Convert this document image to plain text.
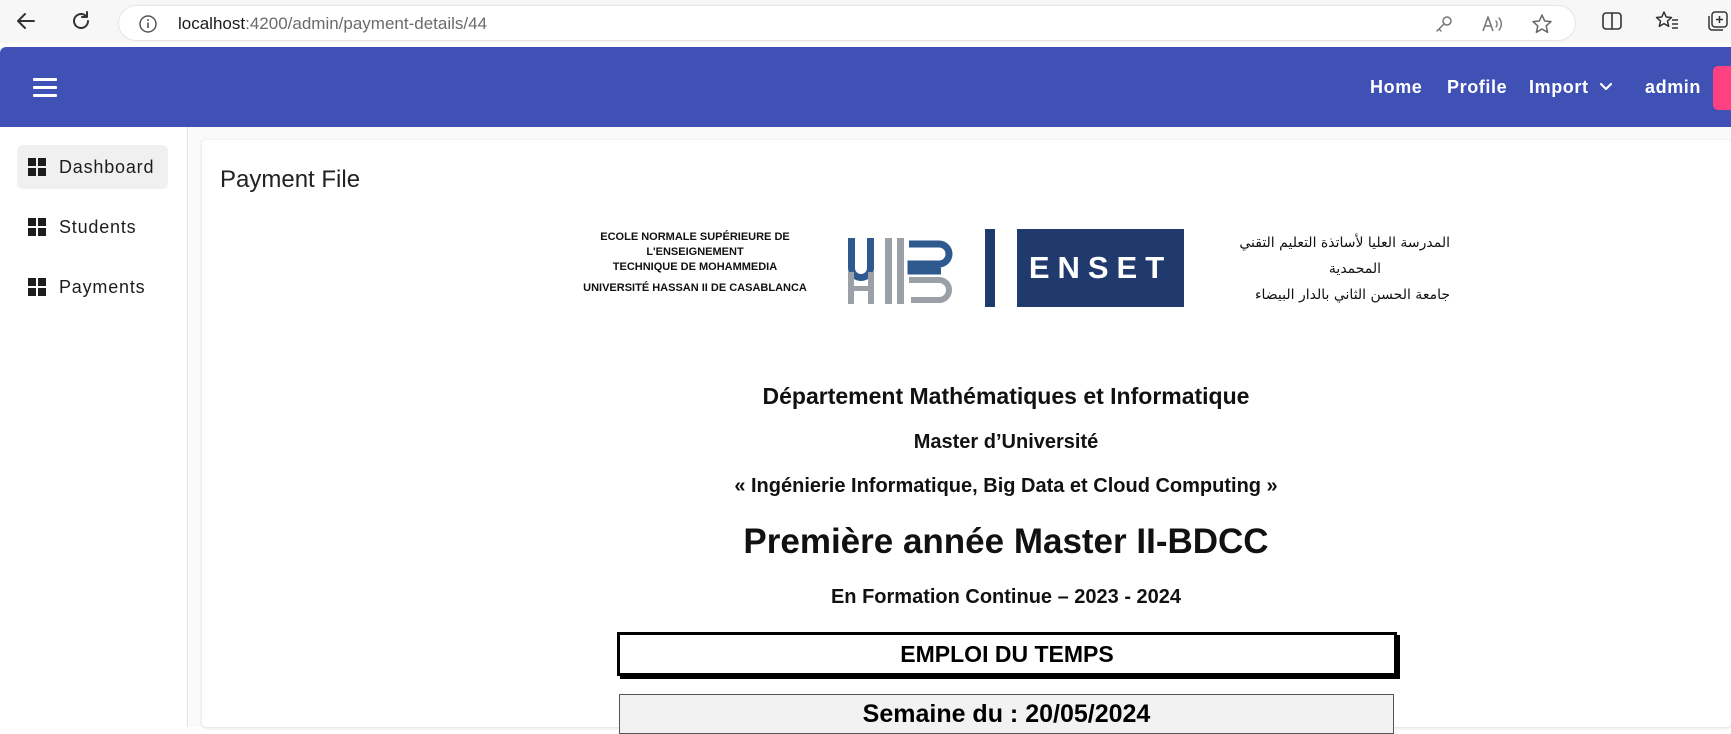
localhost:4200/admin/payment-details/44
Home Profile Import	admin
Dashboard
Students
Payments
Payment File
ECOLE NORMALE SUPÉRIEURE DE
L'ENSEIGNEMENT
TECHNIQUE DE MOHAMMEDIA
UNIVERSITÉ HASSAN II DE CASABLANCA
ENSET
المدرسة العليا لأساتذة التعليم التقني
المحمدية
جامعة الحسن الثاني بالدار البيضاء
Département Mathématiques et Informatique
Master d’Université
« Ingénierie Informatique, Big Data et Cloud Computing »
Première année Master II-BDCC
En Formation Continue – 2023 - 2024
EMPLOI DU TEMPS
Semaine du : 20/05/2024
